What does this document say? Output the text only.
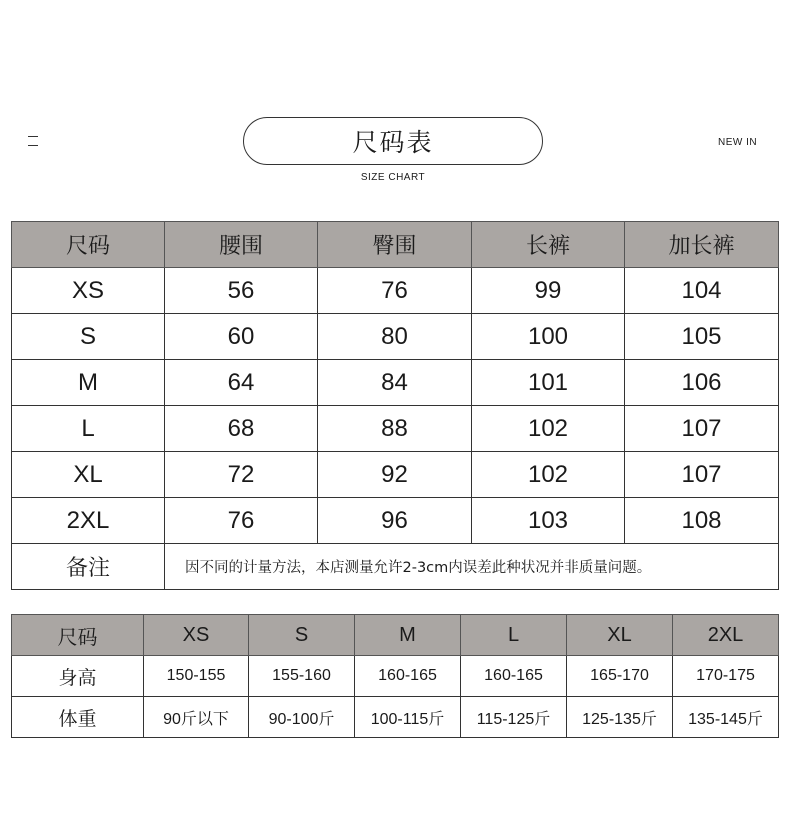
尺码表
SIZE CHART
NEW IN
尺码	腰围	臀围	长裤	加长裤
XS	56	76	99	104
S	60	80	100	105
M	64	84	101	106
L	68	88	102	107
XL	72	92	102	107
2XL	76	96	103	108
备注	因不同的计量方法，本店测量允许2-3cm内误差此种状况并非质量问题。			
尺码	XS	S	M	L	XL	2XL
身高	150-155	155-160	160-165	160-165	165-170	170-175
体重	90斤以下	90-100斤	100-115斤	115-125斤	125-135斤	135-145斤
